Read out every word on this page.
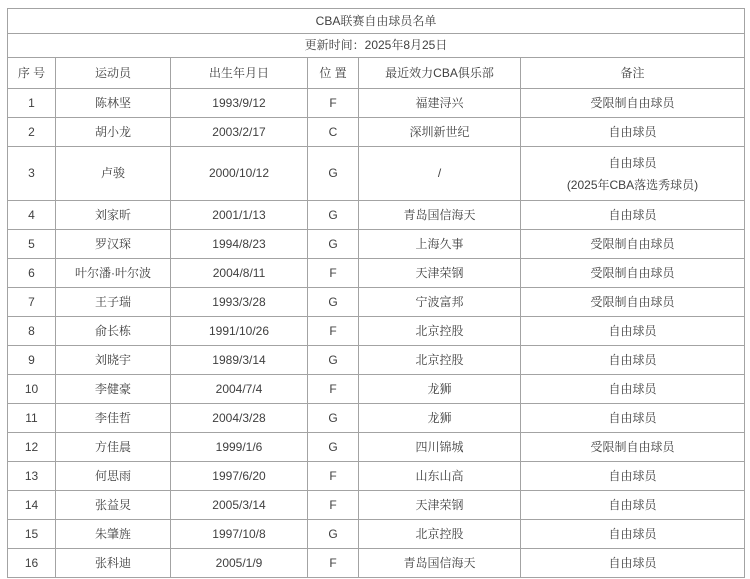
CBA联赛自由球员名单					
更新时间：2025年8月25日					
序 号	运动员	出生年月日	位 置	最近效力CBA俱乐部	备注
1	陈林坚	1993/9/12	F	福建浔兴	受限制自由球员
2	胡小龙	2003/2/17	C	深圳新世纪	自由球员
3	卢骏	2000/10/12	G	/	自由球员
(2025年CBA落选秀球员)

4	刘家昕	2001/1/13	G	青岛国信海天	自由球员
5	罗汉琛	1994/8/23	G	上海久事	受限制自由球员
6	叶尔潘·叶尔波	2004/8/11	F	天津荣钢	受限制自由球员
7	王子瑞	1993/3/28	G	宁波富邦	受限制自由球员
8	俞长栋	1991/10/26	F	北京控股	自由球员
9	刘晓宇	1989/3/14	G	北京控股	自由球员
10	李健豪	2004/7/4	F	龙狮	自由球员
11	李佳哲	2004/3/28	G	龙狮	自由球员
12	方佳晨	1999/1/6	G	四川锦城	受限制自由球员
13	何思雨	1997/6/20	F	山东山高	自由球员
14	张益炅	2005/3/14	F	天津荣钢	自由球员
15	朱肇旌	1997/10/8	G	北京控股	自由球员
16	张科迪	2005/1/9	F	青岛国信海天	自由球员
